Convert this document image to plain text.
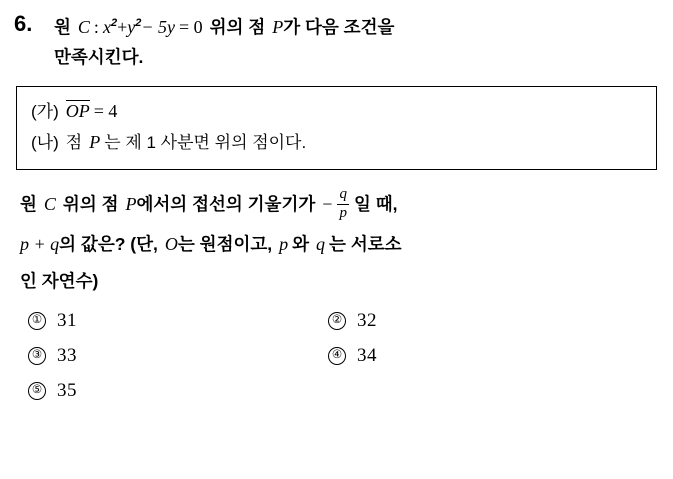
6.	원 C : $x^2+y^2- 5y = 0$ 위의 점 P가 다음 조건을
만족시킨다.
(가) OP = 4
(나) 점 P 는 제 1 사분면 위의 점이다.
원 C 위의 점 P에서의 접선의 기울기가 − $\frac{q}{p}$ 일 때,
p + q의 값은? (단, O는 원점이고, p 와 q 는 서로소
인 자연수)
① 31	② 32
③ 33	④ 34
⑤ 35
